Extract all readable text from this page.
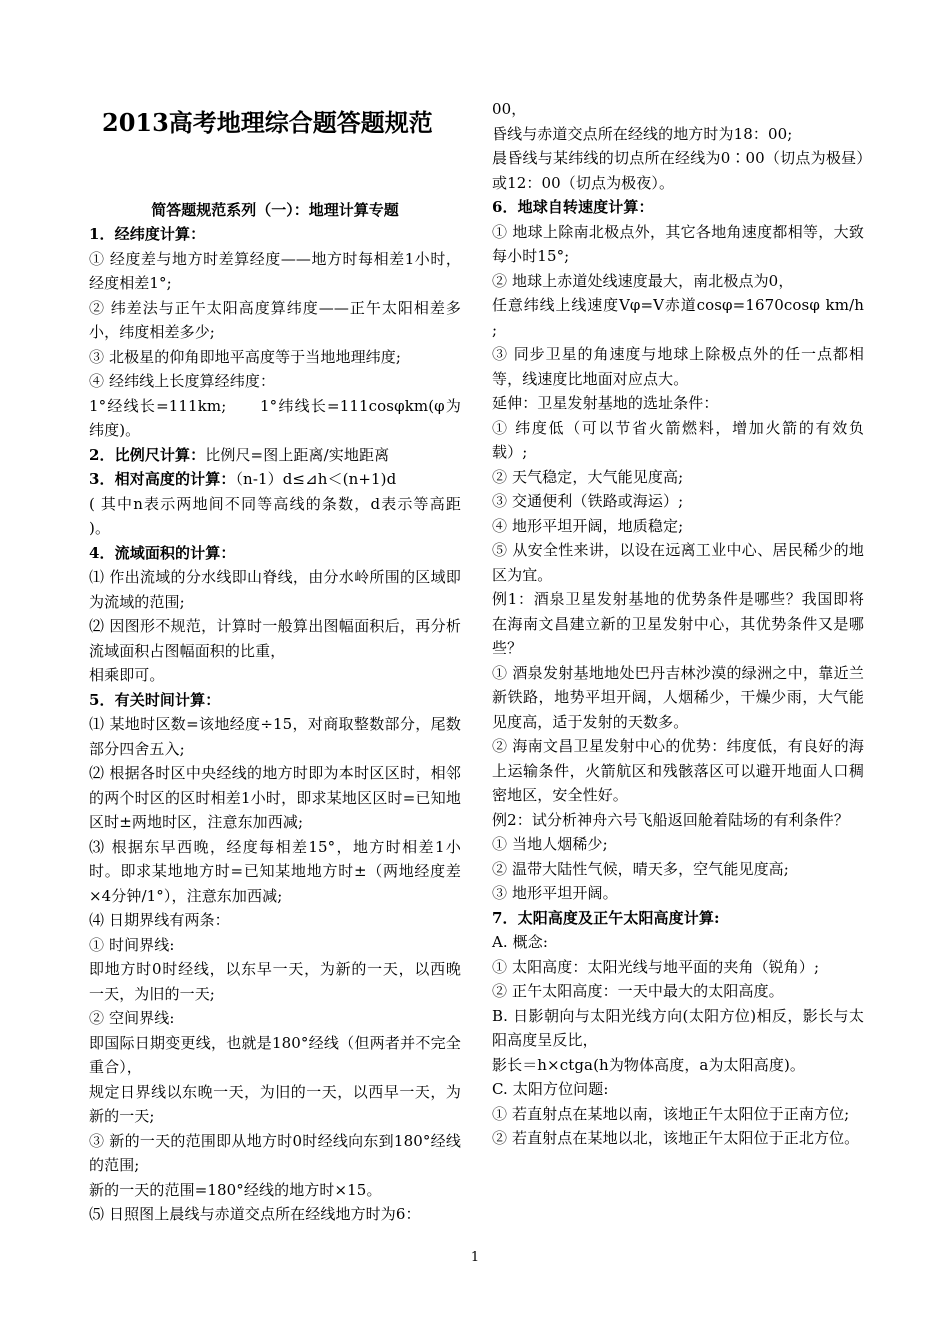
2013高考地理综合题答题规范
简答题规范系列（一）：地理计算专题

1．经纬度计算：

① 经度差与地方时差算经度——地方时每相差1小时，经度相差1°;

② 纬差法与正午太阳高度算纬度——正午太阳相差多小，纬度相差多少;

③ 北极星的仰角即地平高度等于当地地理纬度;

④ 经纬线上长度算经纬度：

1°经线长=111km;　　1°纬线长=111cosφkm(φ为纬度)。

2．比例尺计算：比例尺=图上距离/实地距离

3．相对高度的计算：（n-1）d≤⊿h＜(n+1)d

( 其中n表示两地间不同等高线的条数，d表示等高距 )。

4．流域面积的计算：

⑴ 作出流域的分水线即山脊线，由分水岭所围的区域即为流域的范围;

⑵ 因图形不规范，计算时一般算出图幅面积后，再分析流域面积占图幅面积的比重，

相乘即可。

5．有关时间计算：

⑴ 某地时区数=该地经度÷15，对商取整数部分，尾数部分四舍五入;

⑵ 根据各时区中央经线的地方时即为本时区区时，相邻的两个时区的区时相差1小时，即求某地区区时=已知地区时±两地时区，注意东加西减;

⑶ 根据东早西晚，经度每相差15°，地方时相差1小时。即求某地地方时=已知某地地方时±（两地经度差×4分钟/1°），注意东加西减;

⑷ 日期界线有两条：

① 时间界线:

即地方时0时经线，以东早一天，为新的一天，以西晚一天，为旧的一天;

② 空间界线:

即国际日期变更线，也就是180°经线（但两者并不完全重合），

规定日界线以东晚一天，为旧的一天，以西早一天，为新的一天;

③ 新的一天的范围即从地方时0时经线向东到180°经线的范围;

新的一天的范围=180°经线的地方时×15。

⑸ 日照图上晨线与赤道交点所在经线地方时为6：

00，

昏线与赤道交点所在经线的地方时为18：00;

晨昏线与某纬线的切点所在经线为0∶00（切点为极昼）或12：00（切点为极夜）。

6．地球自转速度计算：

① 地球上除南北极点外，其它各地角速度都相等，大致每小时15°;

② 地球上赤道处线速度最大，南北极点为0，

任意纬线上线速度Vφ=V赤道cosφ=1670cosφ km/h ;

③ 同步卫星的角速度与地球上除极点外的任一点都相等，线速度比地面对应点大。

延伸：卫星发射基地的选址条件：

① 纬度低（可以节省火箭燃料，增加火箭的有效负载）;

② 天气稳定，大气能见度高;

③ 交通便利（铁路或海运）;

④ 地形平坦开阔，地质稳定;

⑤ 从安全性来讲，以设在远离工业中心、居民稀少的地区为宜。

例1：酒泉卫星发射基地的优势条件是哪些？我国即将在海南文昌建立新的卫星发射中心，其优势条件又是哪些？

① 酒泉发射基地地处巴丹吉林沙漠的绿洲之中，靠近兰新铁路，地势平坦开阔，人烟稀少，干燥少雨，大气能见度高，适于发射的天数多。

② 海南文昌卫星发射中心的优势：纬度低，有良好的海上运输条件，火箭航区和残骸落区可以避开地面人口稠密地区，安全性好。

例2：试分析神舟六号飞船返回舱着陆场的有利条件？

① 当地人烟稀少;

② 温带大陆性气候，晴天多，空气能见度高;

③ 地形平坦开阔。

7．太阳高度及正午太阳高度计算:

A. 概念:

① 太阳高度：太阳光线与地平面的夹角（锐角）;

② 正午太阳高度：一天中最大的太阳高度。

B. 日影朝向与太阳光线方向(太阳方位)相反，影长与太阳高度呈反比，

影长＝h×ctga(h为物体高度，a为太阳高度)。

C. 太阳方位问题:

① 若直射点在某地以南，该地正午太阳位于正南方位;

② 若直射点在某地以北，该地正午太阳位于正北方位。

1
